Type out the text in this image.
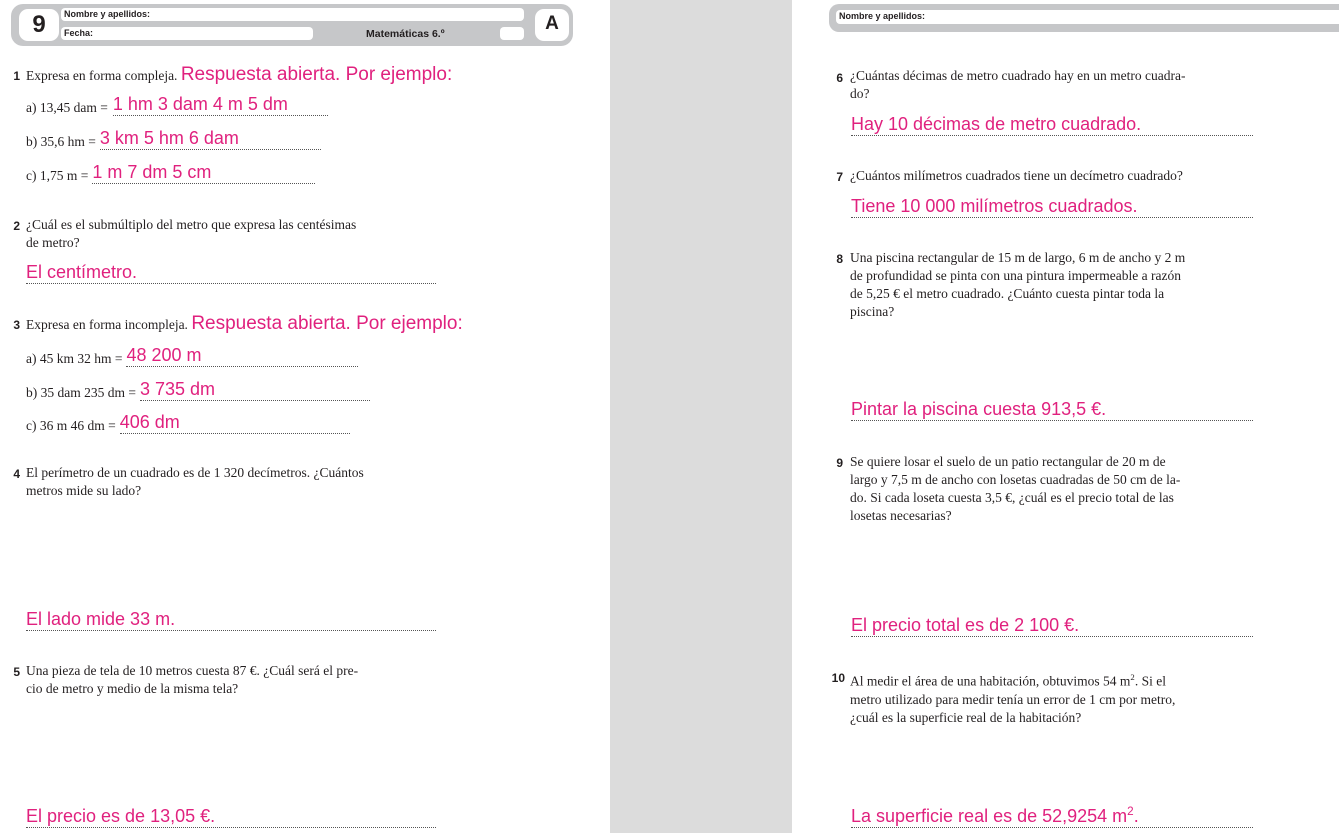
9	Nombre y apellidos:
Fecha:	Matemáticas 6.º	A
1 Expresa en forma compleja. Respuesta abierta. Por ejemplo:
a) 13,45 dam = 1 hm 3 dam 4 m 5 dm
b) 35,6 hm = 3 km 5 hm 6 dam
c) 1,75 m = 1 m 7 dm 5 cm
2 ¿Cuál es el submúltiplo del metro que expresa las centésimas
de metro?
El centímetro.
3 Expresa en forma incompleja. Respuesta abierta. Por ejemplo:
a) 45 km 32 hm = 48 200 m
b) 35 dam 235 dm = 3 735 dm
c) 36 m 46 dm = 406 dm
4 El perímetro de un cuadrado es de 1 320 decímetros. ¿Cuántos
metros mide su lado?
El lado mide 33 m.
5 Una pieza de tela de 10 metros cuesta 87 €. ¿Cuál será el pre-
cio de metro y medio de la misma tela?
El precio es de 13,05 €.
Nombre y apellidos:
6 ¿Cuántas décimas de metro cuadrado hay en un metro cuadra-
do?
Hay 10 décimas de metro cuadrado.
7 ¿Cuántos milímetros cuadrados tiene un decímetro cuadrado?
Tiene 10 000 milímetros cuadrados.
8 Una piscina rectangular de 15 m de largo, 6 m de ancho y 2 m
de profundidad se pinta con una pintura impermeable a razón
de 5,25 € el metro cuadrado. ¿Cuánto cuesta pintar toda la
piscina?
Pintar la piscina cuesta 913,5 €.
9 Se quiere losar el suelo de un patio rectangular de 20 m de
largo y 7,5 m de ancho con losetas cuadradas de 50 cm de la-
do. Si cada loseta cuesta 3,5 €, ¿cuál es el precio total de las
losetas necesarias?
El precio total es de 2 100 €.
10 Al medir el área de una habitación, obtuvimos 54 $m^2$. Si el
metro utilizado para medir tenía un error de 1 cm por metro,
¿cuál es la superficie real de la habitación?
La superficie real es de 52,9254 $m^2$.
